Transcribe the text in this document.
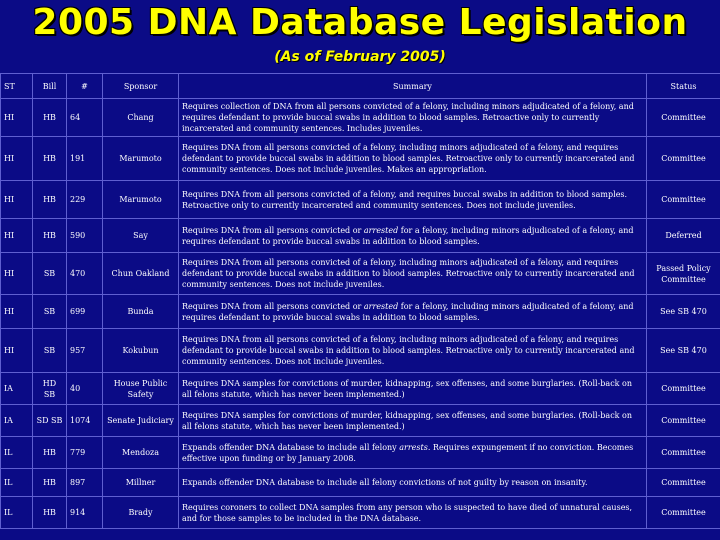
2005 DNA Database Legislation
(As of February 2005)
ST	Bill	#	Sponsor	Summary	Status
HI	HB	64	Chang	Requires collection of DNA from all persons convicted of a felony, including minors adjudicated of a felony, and requires defendant to provide buccal swabs in addition to blood samples. Retroactive only to currently incarcerated and community sentences. Includes juveniles.	Committee
HI	HB	191	Marumoto	Requires DNA from all persons convicted of a felony, including minors adjudicated of a felony, and requires defendant to provide buccal swabs in addition to blood samples. Retroactive only to currently incarcerated and community sentences. Does not include juveniles. Makes an appropriation.	Committee
HI	HB	229	Marumoto	Requires DNA from all persons convicted of a felony, and requires buccal swabs in addition to blood samples. Retroactive only to currently incarcerated and community sentences. Does not include juveniles.	Committee
HI	HB	590	Say	Requires DNA from all persons convicted or arrested for a felony, including minors adjudicated of a felony, and requires defendant to provide buccal swabs in addition to blood samples.	Deferred
HI	SB	470	Chun Oakland	Requires DNA from all persons convicted of a felony, including minors adjudicated of a felony, and requires defendant to provide buccal swabs in addition to blood samples. Retroactive only to currently incarcerated and community sentences. Does not include juveniles.	Passed Policy Committee
HI	SB	699	Bunda	Requires DNA from all persons convicted or arrested for a felony, including minors adjudicated of a felony, and requires defendant to provide buccal swabs in addition to blood samples.	See SB 470
HI	SB	957	Kokubun	Requires DNA from all persons convicted of a felony, including minors adjudicated of a felony, and requires defendant to provide buccal swabs in addition to blood samples. Retroactive only to currently incarcerated and community sentences. Does not include juveniles.	See SB 470
IA	HD SB	40	House Public Safety	Requires DNA samples for convictions of murder, kidnapping, sex offenses, and some burglaries. (Roll-back on all felons statute, which has never been implemented.)	Committee
IA	SD SB	1074	Senate Judiciary	Requires DNA samples for convictions of murder, kidnapping, sex offenses, and some burglaries. (Roll-back on all felons statute, which has never been implemented.)	Committee
IL	HB	779	Mendoza	Expands offender DNA database to include all felony arrests. Requires expungement if no conviction. Becomes effective upon funding or by January 2008.	Committee
IL	HB	897	Millner	Expands offender DNA database to include all felony convictions of not guilty by reason on insanity.	Committee
IL	HB	914	Brady	Requires coroners to collect DNA samples from any person who is suspected to have died of unnatural causes, and for those samples to be included in the DNA database.	Committee
